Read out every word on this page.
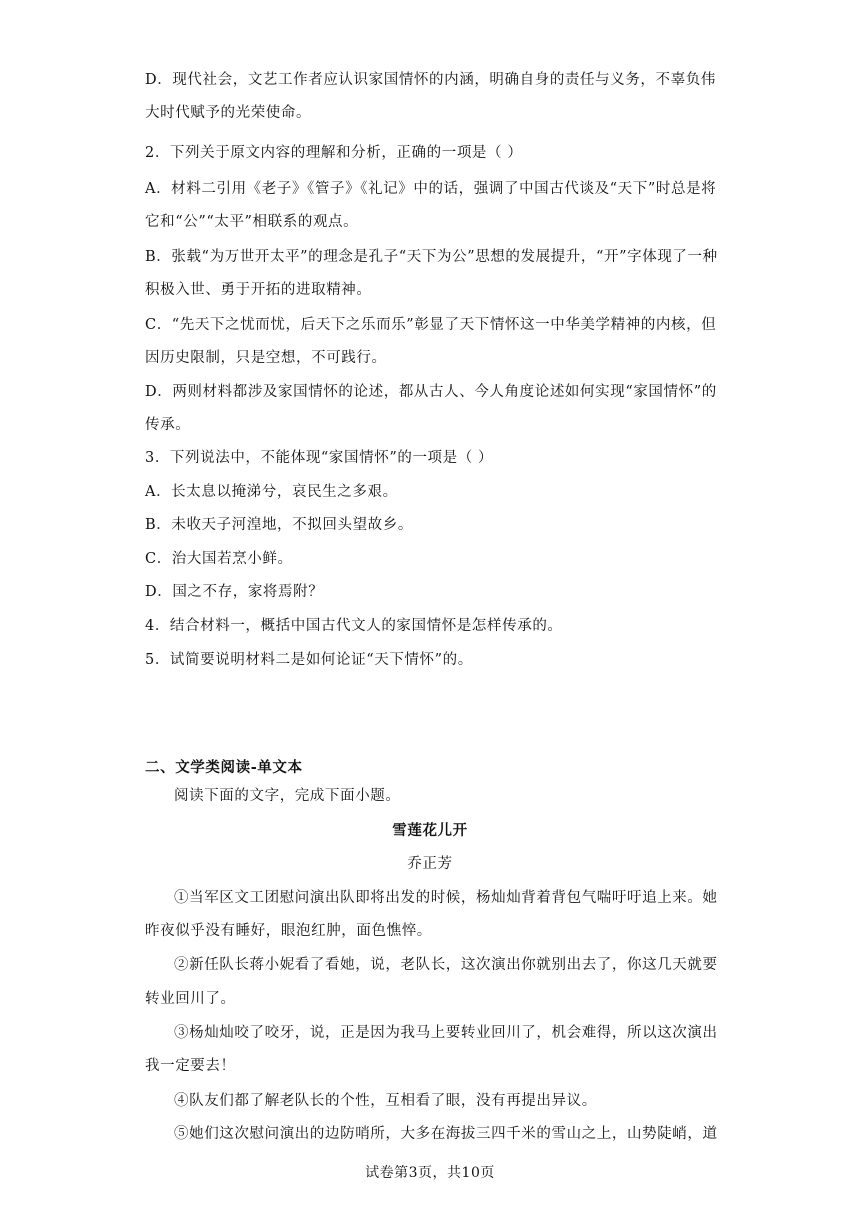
D．现代社会，文艺工作者应认识家国情怀的内涵，明确自身的责任与义务，不辜负伟
大时代赋予的光荣使命。
2．下列关于原文内容的理解和分析，正确的一项是（ ）
A．材料二引用《老子》《管子》《礼记》中的话，强调了中国古代谈及“天下”时总是将
它和“公”“太平”相联系的观点。
B．张载“为万世开太平”的理念是孔子“天下为公”思想的发展提升，“开”字体现了一种
积极入世、勇于开拓的进取精神。
C．“先天下之忧而忧，后天下之乐而乐”彰显了天下情怀这一中华美学精神的内核，但
因历史限制，只是空想，不可践行。
D．两则材料都涉及家国情怀的论述，都从古人、今人角度论述如何实现“家国情怀”的
传承。
3．下列说法中，不能体现“家国情怀”的一项是（ ）
A．长太息以掩涕兮，哀民生之多艰。
B．未收天子河湟地，不拟回头望故乡。
C．治大国若烹小鲜。
D．国之不存，家将焉附？
4．结合材料一，概括中国古代文人的家国情怀是怎样传承的。
5．试简要说明材料二是如何论证“天下情怀”的。
二、文学类阅读-单文本
阅读下面的文字，完成下面小题。
雪莲花儿开
乔正芳
①当军区文工团慰问演出队即将出发的时候，杨灿灿背着背包气喘吁吁追上来。她
昨夜似乎没有睡好，眼泡红肿，面色憔悴。
②新任队长蒋小妮看了看她，说，老队长，这次演出你就别出去了，你这几天就要
转业回川了。
③杨灿灿咬了咬牙，说，正是因为我马上要转业回川了，机会难得，所以这次演出
我一定要去！
④队友们都了解老队长的个性，互相看了眼，没有再提出异议。
⑤她们这次慰问演出的边防哨所，大多在海拔三四千米的雪山之上，山势陡峭，道
试卷第3页，共10页
